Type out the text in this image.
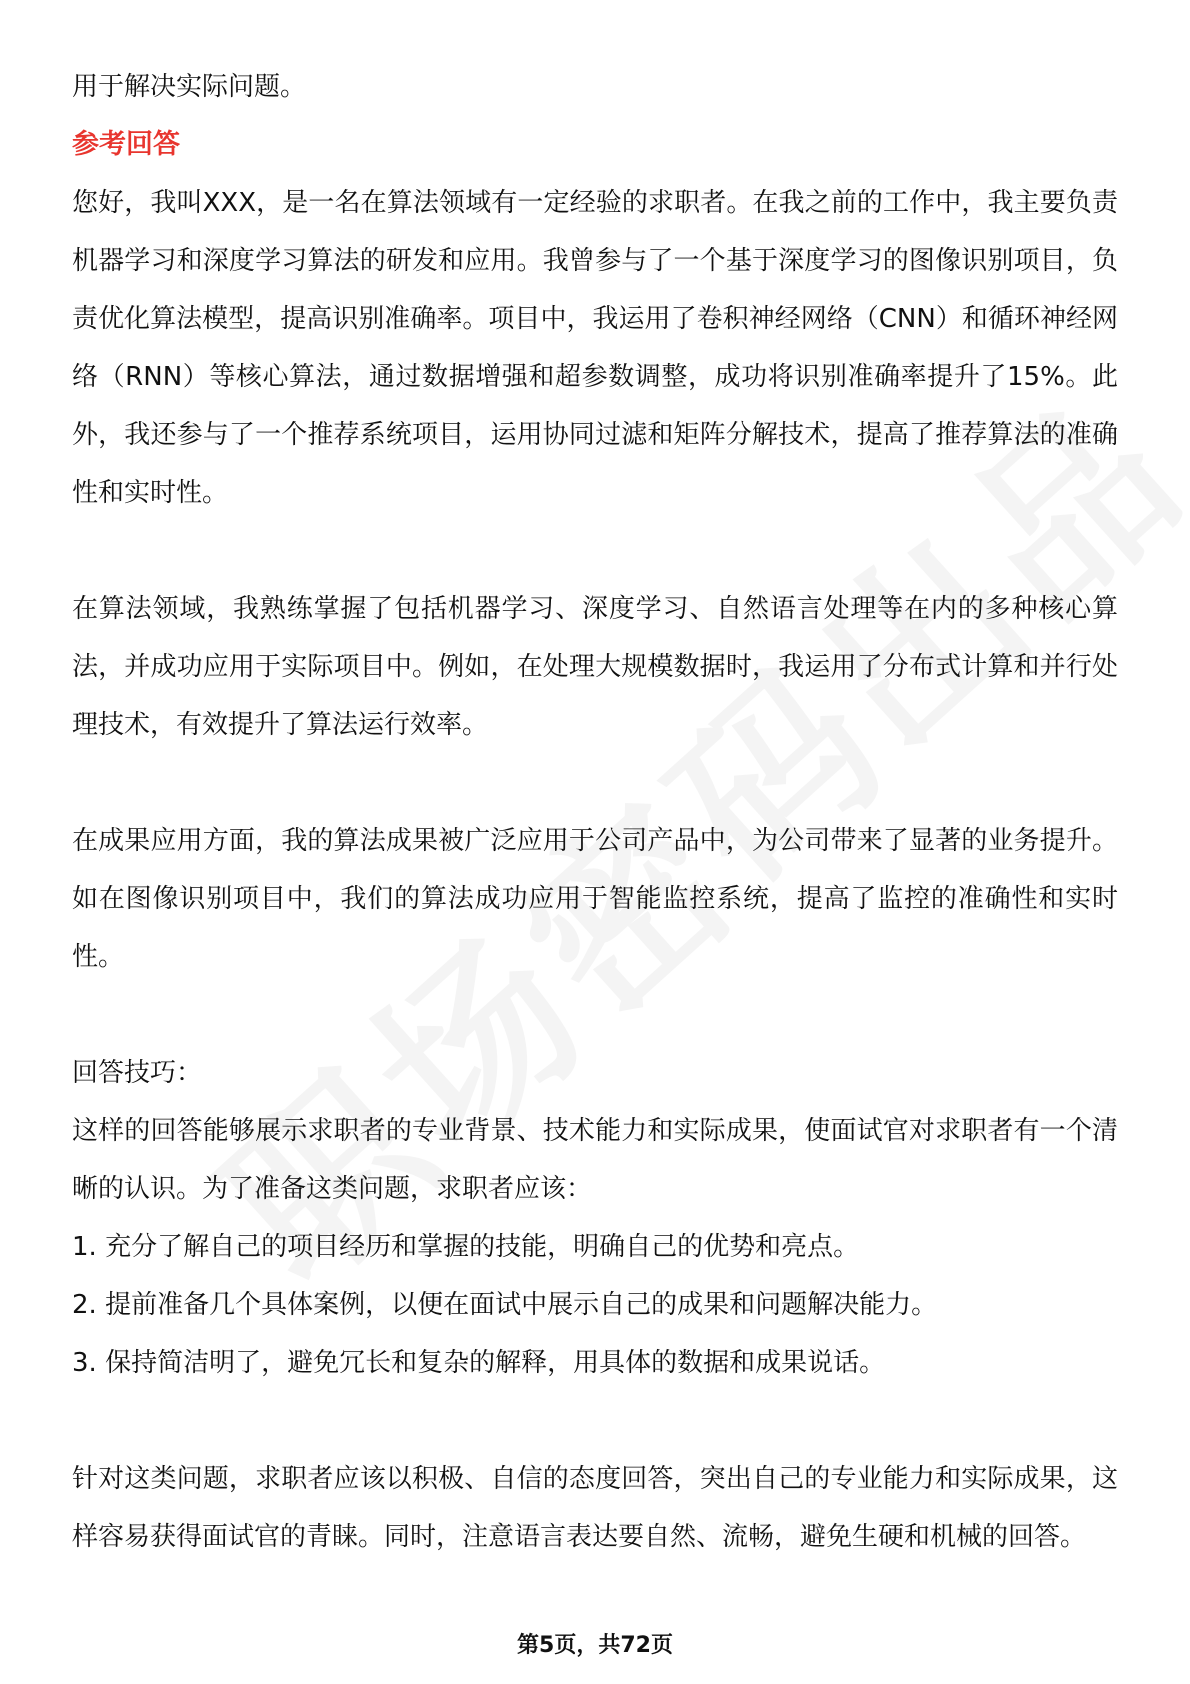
用于解决实际问题。

参考回答

您好，我叫XXX，是一名在算法领域有一定经验的求职者。在我之前的工作中，我主要负责机器学习和深度学习算法的研发和应用。我曾参与了一个基于深度学习的图像识别项目，负责优化算法模型，提高识别准确率。项目中，我运用了卷积神经网络（CNN）和循环神经网络（RNN）等核心算法，通过数据增强和超参数调整，成功将识别准确率提升了15%。此外，我还参与了一个推荐系统项目，运用协同过滤和矩阵分解技术，提高了推荐算法的准确性和实时性。

在算法领域，我熟练掌握了包括机器学习、深度学习、自然语言处理等在内的多种核心算法，并成功应用于实际项目中。例如，在处理大规模数据时，我运用了分布式计算和并行处理技术，有效提升了算法运行效率。

在成果应用方面，我的算法成果被广泛应用于公司产品中，为公司带来了显著的业务提升。如在图像识别项目中，我们的算法成功应用于智能监控系统，提高了监控的准确性和实时性。

回答技巧：

这样的回答能够展示求职者的专业背景、技术能力和实际成果，使面试官对求职者有一个清晰的认识。为了准备这类问题，求职者应该：

1. 充分了解自己的项目经历和掌握的技能，明确自己的优势和亮点。

2. 提前准备几个具体案例，以便在面试中展示自己的成果和问题解决能力。

3. 保持简洁明了，避免冗长和复杂的解释，用具体的数据和成果说话。

针对这类问题，求职者应该以积极、自信的态度回答，突出自己的专业能力和实际成果，这样容易获得面试官的青睐。同时，注意语言表达要自然、流畅，避免生硬和机械的回答。

第5页，共72页
